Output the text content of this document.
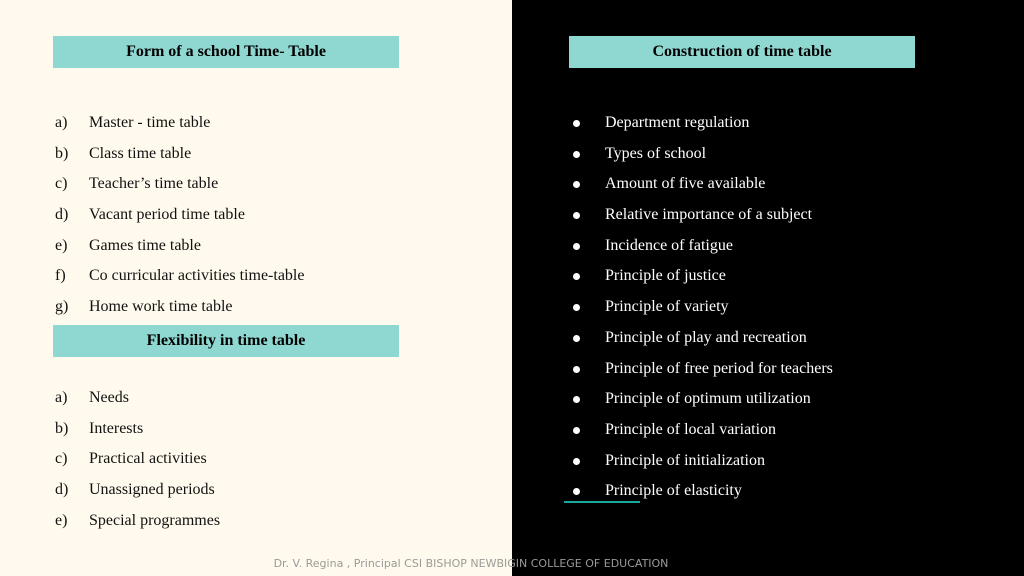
Form of a school Time- Table
a)	Master - time table
b)	Class time table
c)	Teacher’s time table
d)	Vacant period time table
e)	Games time table
f)	Co curricular activities time-table
g)	Home work time table
Flexibility in time table
a)	Needs
b)	Interests
c)	Practical activities
d)	Unassigned periods
e)	Special programmes
Construction of time table
Department regulation
Types of school
Amount of five available
Relative importance of a subject
Incidence of fatigue
Principle of justice
Principle of variety
Principle of play and recreation
Principle of free period for teachers
Principle of optimum utilization
Principle of local variation
Principle of initialization
Principle of elasticity
Dr. V. Regina , Principal CSI BISHOP NEWBIGIN COLLEGE OF EDUCATION
